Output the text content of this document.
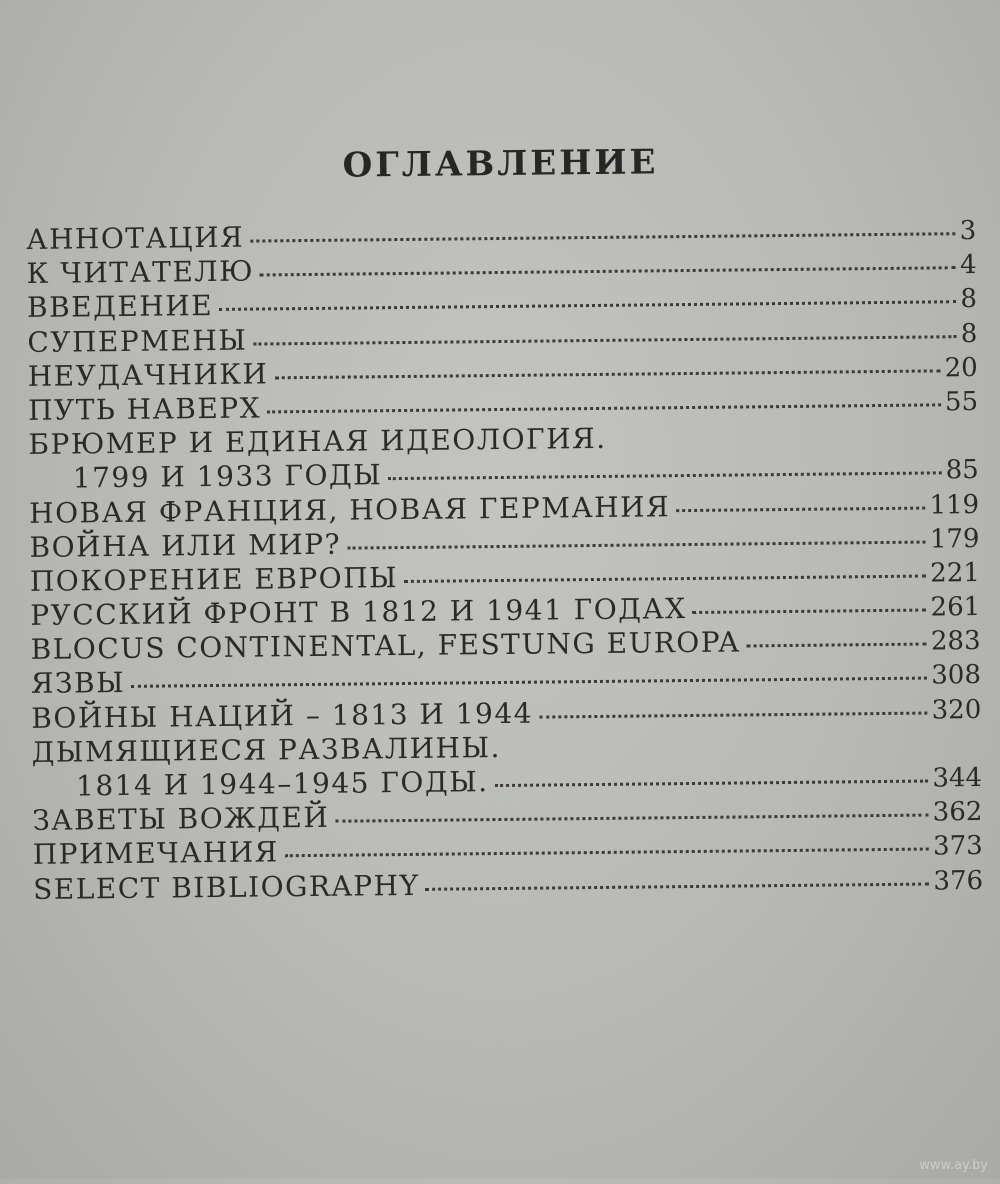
ОГЛАВЛЕНИЕ
АННОТАЦИЯ	3
К ЧИТАТЕЛЮ	4
ВВЕДЕНИЕ	8
СУПЕРМЕНЫ	8
НЕУДАЧНИКИ	20
ПУТЬ НАВЕРХ	55
БРЮМЕР И ЕДИНАЯ ИДЕОЛОГИЯ.
1799 И 1933 ГОДЫ	85
НОВАЯ ФРАНЦИЯ, НОВАЯ ГЕРМАНИЯ	119
ВОЙНА ИЛИ МИР?	179
ПОКОРЕНИЕ ЕВРОПЫ	221
РУССКИЙ ФРОНТ В 1812 И 1941 ГОДАХ	261
BLOCUS CONTINENTAL, FESTUNG EUROPA	283
ЯЗВЫ	308
ВОЙНЫ НАЦИЙ – 1813 И 1944	320
ДЫМЯЩИЕСЯ РАЗВАЛИНЫ.
1814 И 1944–1945 ГОДЫ.	344
ЗАВЕТЫ ВОЖДЕЙ	362
ПРИМЕЧАНИЯ	373
SELECT BIBLIOGRAPHY	376
www.ay.by
